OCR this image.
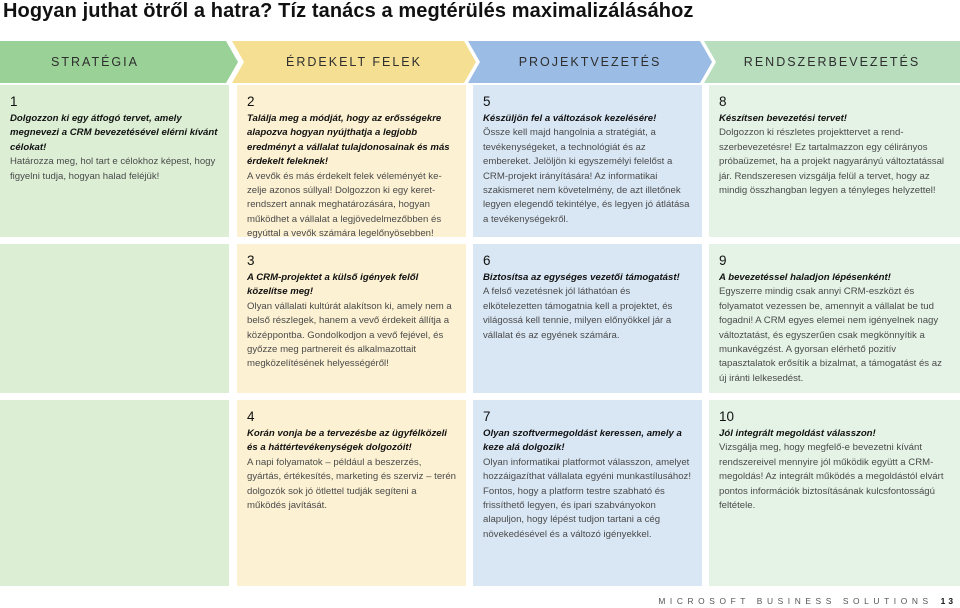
Hogyan juthat ötről a hatra? Tíz tanács a megtérülés maximalizálásához
STRATÉGIA	ÉRDEKELT FELEK	PROJEKTVEZETÉS	RENDSZERBEVEZETÉS
1
Dolgozzon ki egy átfogó tervet, amely megnevezi a CRM bevezetésével elérni kívánt célokat!
Határozza meg, hol tart e célokhoz képest, hogy figyelni tudja, hogyan halad feléjük!
2
Találja meg a módját, hogy az erősségekre alapozva hogyan nyújthatja a legjobb eredményt a vállalat tulajdonosainak és más érdekelt feleknek!
A vevők és más érdekelt felek véleményét kezelje azonos súllyal! Dolgozzon ki egy keretrendszert annak meghatározására, hogyan működhet a vállalat a legjövedelmezőbben és egyúttal a vevők számára legelőnyösebben!
3
A CRM-projektet a külső igények felől közelítse meg!
Olyan vállalati kultúrát alakítson ki, amely nem a belső részlegek, hanem a vevő érdekeit állítja a középpontba. Gondolkodjon a vevő fejével, és győzze meg partnereit és alkalmazottait megközelítésének helyességéről!
4
Korán vonja be a tervezésbe az ügyfélközeli és a háttértevékenységek dolgozóit!
A napi folyamatok – például a beszerzés, gyártás, értékesítés, marketing és szerviz – terén dolgozók sok jó ötlettel tudják segíteni a működés javítását.
5
Készüljön fel a változások kezelésére!
Össze kell majd hangolnia a stratégiát, a tevékenységeket, a technológiát és az embereket. Jelöljön ki egyszemélyi felelőst a CRM-projekt irányítására! Az informatikai szakismeret nem követelmény, de azt illetőnek legyen elegendő tekintélye, és legyen jó átlátása a tevékenységekről.
6
Biztosítsa az egységes vezetői támogatást!
A felső vezetésnek jól láthatóan és elkötelezetten támogatnia kell a projektet, és világossá kell tennie, milyen előnyökkel jár a vállalat és az egyének számára.
7
Olyan szoftvermegoldást keressen, amely a keze alá dolgozik!
Olyan informatikai platformot válasszon, amelyet hozzáigazíthat vállalata egyéni munkastílusához! Fontos, hogy a platform testre szabható és frissíthető legyen, és ipari szabványokon alapuljon, hogy lépést tudjon tartani a cég növekedésével és a változó igényekkel.
8
Készítsen bevezetési tervet!
Dolgozzon ki részletes projekttervet a rendszerbevezetésre! Ez tartalmazzon egy célirányos próbaüzemet, ha a projekt nagyarányú változtatással jár. Rendszeresen vizsgálja felül a tervet, hogy az mindig összhangban legyen a tényleges helyzettel!
9
A bevezetéssel haladjon lépésenként!
Egyszerre mindig csak annyi CRM-eszközt és folyamatot vezessen be, amennyit a vállalat be tud fogadni! A CRM egyes elemei nem igényelnek nagy változtatást, és egyszerűen csak megkönnyítik a munkavégzést. A gyorsan elérhető pozitív tapasztalatok erősítik a bizalmat, a támogatást és az új iránti lelkesedést.
10
Jól integrált megoldást válasszon!
Vizsgálja meg, hogy megfelő-e bevezetni kívánt rendszereivel mennyire jól működik együtt a CRM-megoldás! Az integrált működés a megoldástól elvárt pontos információk biztosításának kulcsfontosságú feltétele.
MICROSOFT BUSINESS SOLUTIONS 13
